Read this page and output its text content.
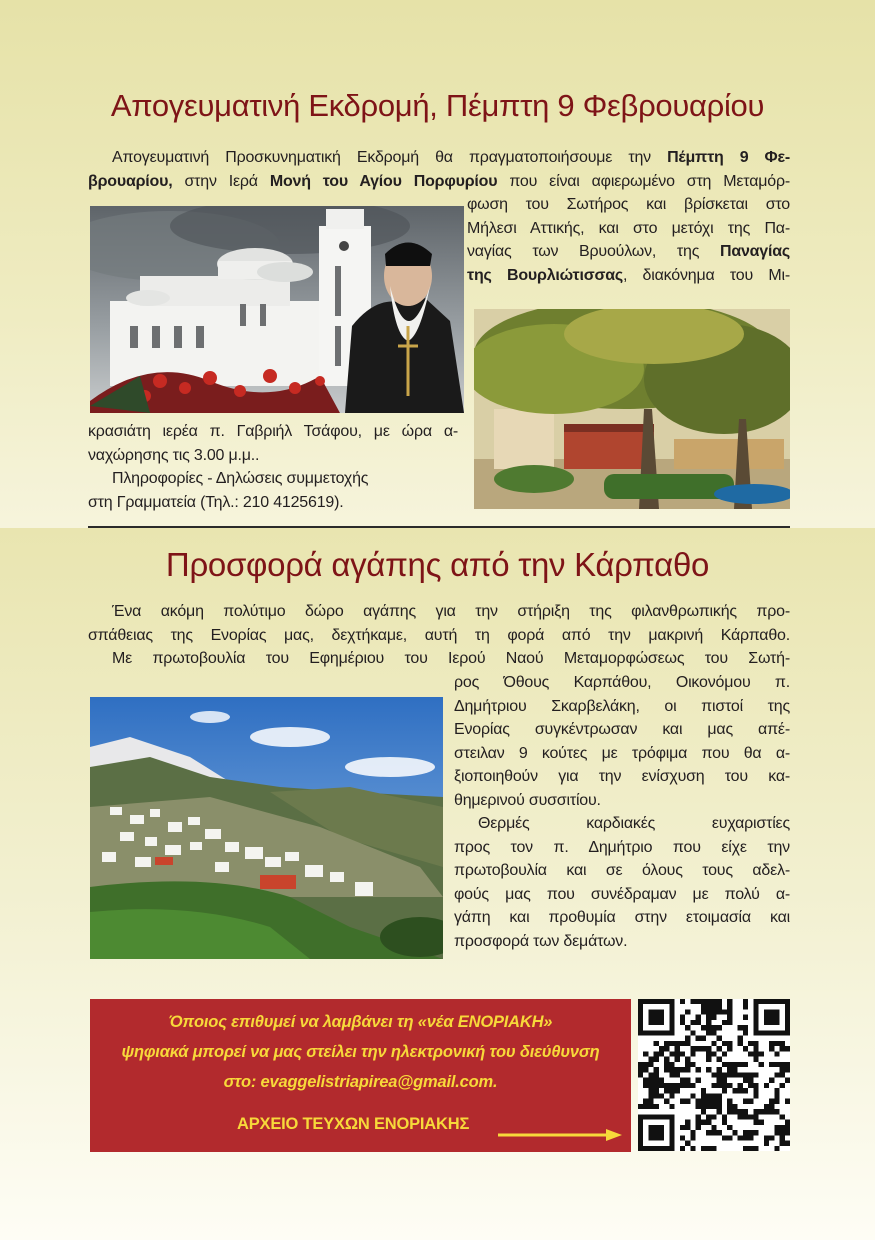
Απογευματινή Εκδρομή, Πέμπτη 9 Φεβρουαρίου
Απογευματινή Προσκυνηματική Εκδρομή θα πραγματοποιήσουμε την Πέμπτη 9 Φε-
βρουαρίου, στην Ιερά Μονή του Αγίου Πορφυρίου που είναι αφιερωμένο στη Μεταμόρ-
φωση του Σωτήρος και βρίσκεται στο
Μήλεσι Αττικής, και στο μετόχι της Πα-
ναγίας των Βρυούλων, της Παναγίας
της Βουρλιώτισσας, διακόνημα του Μι-
κρασιάτη ιερέα π. Γαβριήλ Τσάφου, με ώρα α-
ναχώρησης τις 3.00 μ.μ..
Πληροφορίες - Δηλώσεις συμμετοχής
στη Γραμματεία (Τηλ.: 210 4125619).
Προσφορά αγάπης από την Κάρπαθο
Ένα ακόμη πολύτιμο δώρο αγάπης για την στήριξη της φιλανθρωπικής προ-
σπάθειας της Ενορίας μας, δεχτήκαμε, αυτή τη φορά από την μακρινή Κάρπαθο.
Με πρωτοβουλία του Εφημέριου του Ιερού Ναού Μεταμορφώσεως του Σωτή-
ρος Όθους Καρπάθου, Οικονόμου π.
Δημήτριου Σκαρβελάκη, οι πιστοί της
Ενορίας συγκέντρωσαν και μας απέ-
στειλαν 9 κούτες με τρόφιμα που θα α-
ξιοποιηθούν για την ενίσχυση του κα-
θημερινού συσσιτίου.
Θερμές καρδιακές ευχαριστίες
προς τον π. Δημήτριο που είχε την
πρωτοβουλία και σε όλους τους αδελ-
φούς μας που συνέδραμαν με πολύ α-
γάπη και προθυμία στην ετοιμασία και
προσφορά των δεμάτων.
Όποιος επιθυμεί να λαμβάνει τη «νέα ΕΝΟΡΙΑΚΗ»
ψηφιακά μπορεί να μας στείλει την ηλεκτρονική του διεύθυνση
στο: evaggelistriapirea@gmail.com.
ΑΡΧΕΙΟ ΤΕΥΧΩΝ ΕΝΟΡΙΑΚΗΣ
